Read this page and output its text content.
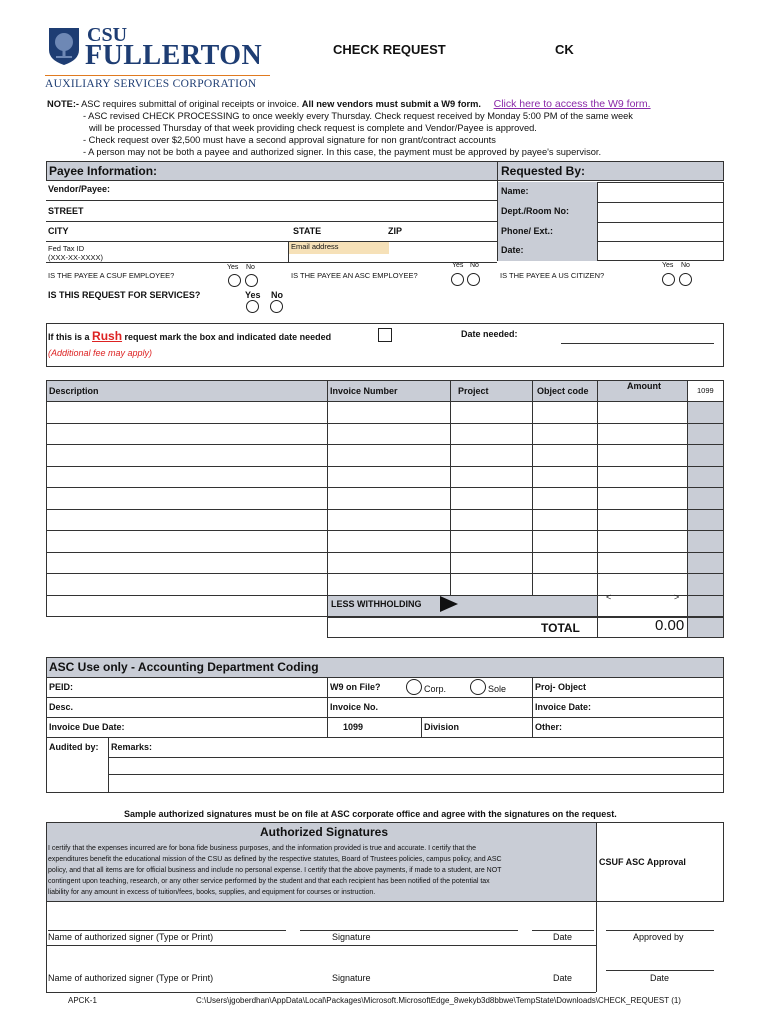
CSU
FULLERTON
AUXILIARY SERVICES CORPORATION
CHECK REQUEST	CK
NOTE:- ASC requires submittal of original receipts or invoice. All new vendors must submit a W9 form. Click here to access the W9 form.
- ASC revised CHECK PROCESSING to once weekly every Thursday. Check request received by Monday 5:00 PM of the same week
will be processed Thursday of that week providing check request is complete and Vendor/Payee is approved.
- Check request over $2,500 must have a second approval signature for non grant/contract accounts
- A person may not be both a payee and authorized signer. In this case, the payment must be approved by payee's supervisor.
Payee Information:	Requested By:
Vendor/Payee:
STREET
CITY	STATE	ZIP
Fed Tax ID
(XXX-XX-XXXX)
Email address
Name:
Dept./Room No:
Phone/ Ext.:
Date:
IS THE PAYEE A CSUF EMPLOYEE?
Yes No
IS THE PAYEE AN ASC EMPLOYEE?
Yes No
IS THE PAYEE A US CITIZEN?
Yes No
IS THIS REQUEST FOR SERVICES?	Yes No
If this is a Rush request mark the box and indicated date needed
(Additional fee may apply)
Date needed:
Description	Invoice Number	Project	Object code	Amount	1099
LESS WITHHOLDING
<	>
TOTAL	0.00
ASC Use only - Accounting Department Coding
PEID:	W9 on File?	Corp.	Sole	Proj- Object
Desc.	Invoice No.	Invoice Date:
Invoice Due Date:	1099	Division	Other:
Audited by: Remarks:
Sample authorized signatures must be on file at ASC corporate office and agree with the signatures on the request.
Authorized Signatures
I certify that the expenses incurred are for bona fide business purposes, and the information provided is true and accurate. I certify that the
expenditures benefit the educational mission of the CSU as defined by the respective statutes, Board of Trustees policies, campus policy, and ASC
policy, and that all items are for official business and include no personal expense. I certify that the above payments, if made to a student, are NOT
contingent upon teaching, research, or any other service performed by the student and that each recipient has been notified of the potential tax
liability for any amount in excess of tuition/fees, books, supplies, and equipment for courses or instruction.
CSUF ASC Approval
Name of authorized signer (Type or Print)	Signature	Date	Approved by
Name of authorized signer (Type or Print)	Signature	Date	Date
APCK-1	C:\Users\jgoberdhan\AppData\Local\Packages\Microsoft.MicrosoftEdge_8wekyb3d8bbwe\TempState\Downloads\CHECK_REQUEST (1)
